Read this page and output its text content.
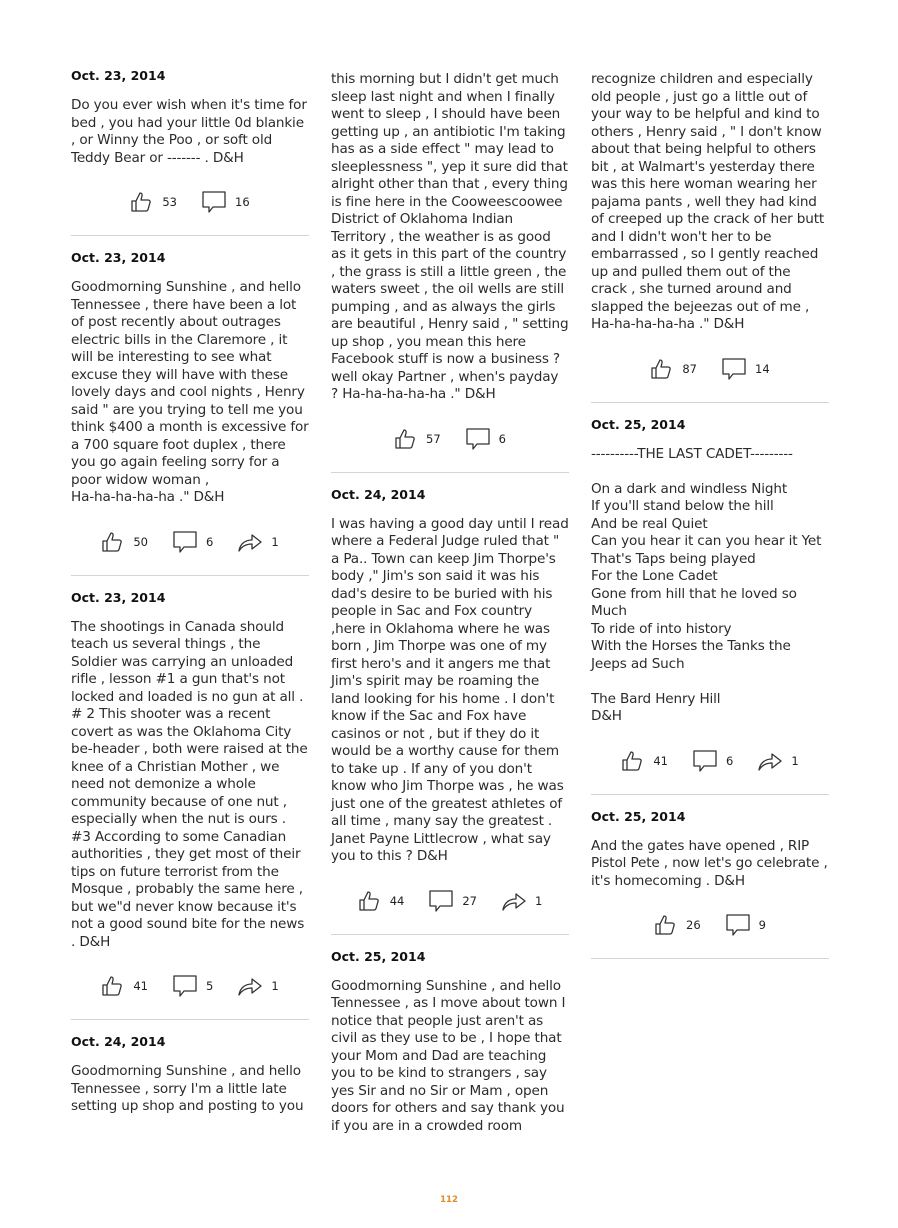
Oct. 23, 2014

Do you ever wish when it's time for bed , you had your little 0d blankie , or Winny the Poo , or soft old Teddy Bear or ------- . D&H

53	16
Oct. 23, 2014

Goodmorning Sunshine , and hello Tennessee , there have been a lot of post recently about outrages electric bills in the Claremore , it will be interesting to see what excuse they will have with these lovely days and cool nights , Henry said " are you trying to tell me you think $400 a month is excessive for a 700 square foot duplex , there you go again feeling sorry for a poor widow woman ,
Ha-ha-ha-ha-ha ." D&H

50	6	1
Oct. 23, 2014

The shootings in Canada should teach us several things , the Soldier was carrying an unloaded rifle , lesson #1 a gun that's not locked and loaded is no gun at all . # 2 This shooter was a recent covert as was the Oklahoma City be-header , both were raised at the knee of a Christian Mother , we need not demonize a whole community because of one nut , especially when the nut is ours . #3 According to some Canadian authorities , they get most of their tips on future terrorist from the Mosque , probably the same here , but we"d never know because it's not a good sound bite for the news . D&H

41	5	1
Oct. 24, 2014

Goodmorning Sunshine , and hello Tennessee , sorry I'm a little late setting up shop and posting to you

this morning but I didn't get much sleep last night and when I finally went to sleep , I should have been getting up , an antibiotic I'm taking has as a side effect " may lead to sleeplessness ", yep it sure did that alright other than that , every thing is fine here in the Cooweescoowee District of Oklahoma Indian Territory , the weather is as good as it gets in this part of the country , the grass is still a little green , the waters sweet , the oil wells are still pumping , and as always the girls are beautiful , Henry said , " setting up shop , you mean this here Facebook stuff is now a business ? well okay Partner , when's payday ? Ha-ha-ha-ha-ha ." D&H

57	6
Oct. 24, 2014

I was having a good day until I read where a Federal Judge ruled that " a Pa.. Town can keep Jim Thorpe's body ," Jim's son said it was his dad's desire to be buried with his people in Sac and Fox country ,here in Oklahoma where he was born , Jim Thorpe was one of my first hero's and it angers me that Jim's spirit may be roaming the land looking for his home . I don't know if the Sac and Fox have casinos or not , but if they do it would be a worthy cause for them to take up . If any of you don't know who Jim Thorpe was , he was just one of the greatest athletes of all time , many say the greatest . Janet Payne Littlecrow , what say you to this ? D&H

44	27	1
Oct. 25, 2014

Goodmorning Sunshine , and hello Tennessee , as I move about town I notice that people just aren't as civil as they use to be , I hope that your Mom and Dad are teaching you to be kind to strangers , say yes Sir and no Sir or Mam , open doors for others and say thank you if you are in a crowded room

recognize children and especially old people , just go a little out of your way to be helpful and kind to others , Henry said , " I don't know about that being helpful to others bit , at Walmart's yesterday there was this here woman wearing her pajama pants , well they had kind of creeped up the crack of her butt and I didn't won't her to be embarrassed , so I gently reached up and pulled them out of the crack , she turned around and slapped the bejeezas out of me , Ha-ha-ha-ha-ha ." D&H

87	14
Oct. 25, 2014

----------THE LAST CADET---------

On a dark and windless Night
If you'll stand below the hill
And be real Quiet
Can you hear it can you hear it Yet
That's Taps being played
For the Lone Cadet
Gone from hill that he loved so Much
To ride of into history
With the Horses the Tanks the Jeeps ad Such

The Bard Henry Hill
D&H

41	6	1
Oct. 25, 2014

And the gates have opened , RIP Pistol Pete , now let's go celebrate , it's homecoming . D&H

26	9
112
